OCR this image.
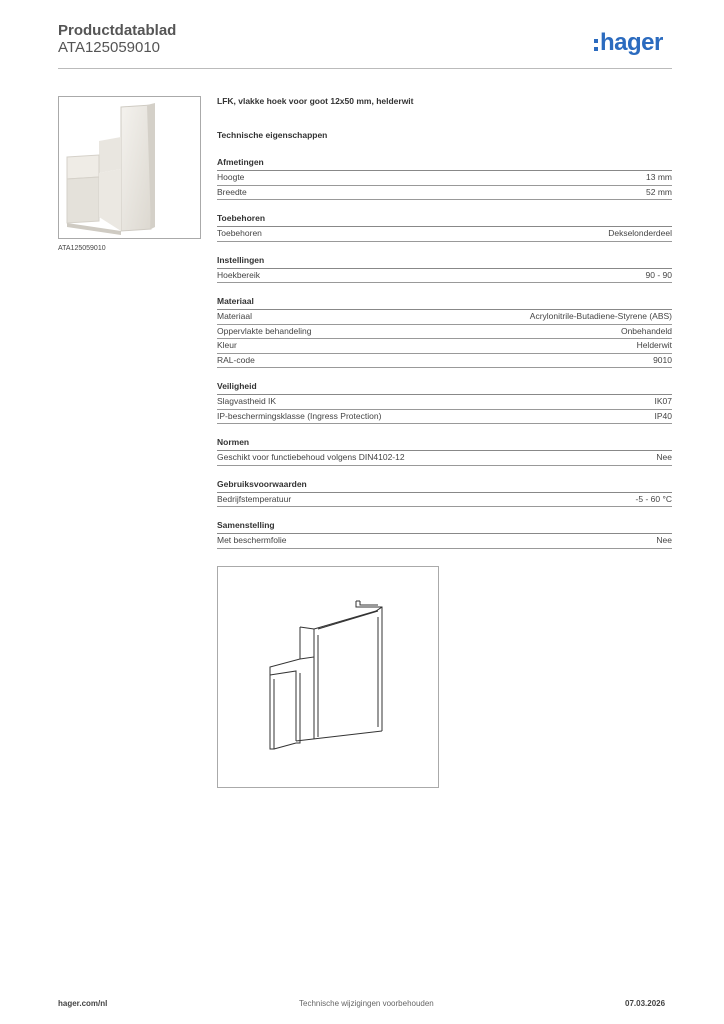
Productdatablad
ATA125059010	hager
ATA125059010
LFK, vlakke hoek voor goot 12x50 mm, helderwit
Technische eigenschappen
Afmetingen
Hoogte	13 mm
Breedte	52 mm
Toebehoren
Toebehoren	Dekselonderdeel
Instellingen
Hoekbereik	90 - 90
Materiaal
Materiaal	Acrylonitrile-Butadiene-Styrene (ABS)
Oppervlakte behandeling	Onbehandeld
Kleur	Helderwit
RAL-code	9010
Veiligheid
Slagvastheid IK	IK07
IP-beschermingsklasse (Ingress Protection)	IP40
Normen
Geschikt voor functiebehoud volgens DIN4102-12	Nee
Gebruiksvoorwaarden
Bedrijfstemperatuur	-5 - 60 °C
Samenstelling
Met beschermfolie	Nee
hager.com/nl	Technische wijzigingen voorbehouden	07.03.2026
